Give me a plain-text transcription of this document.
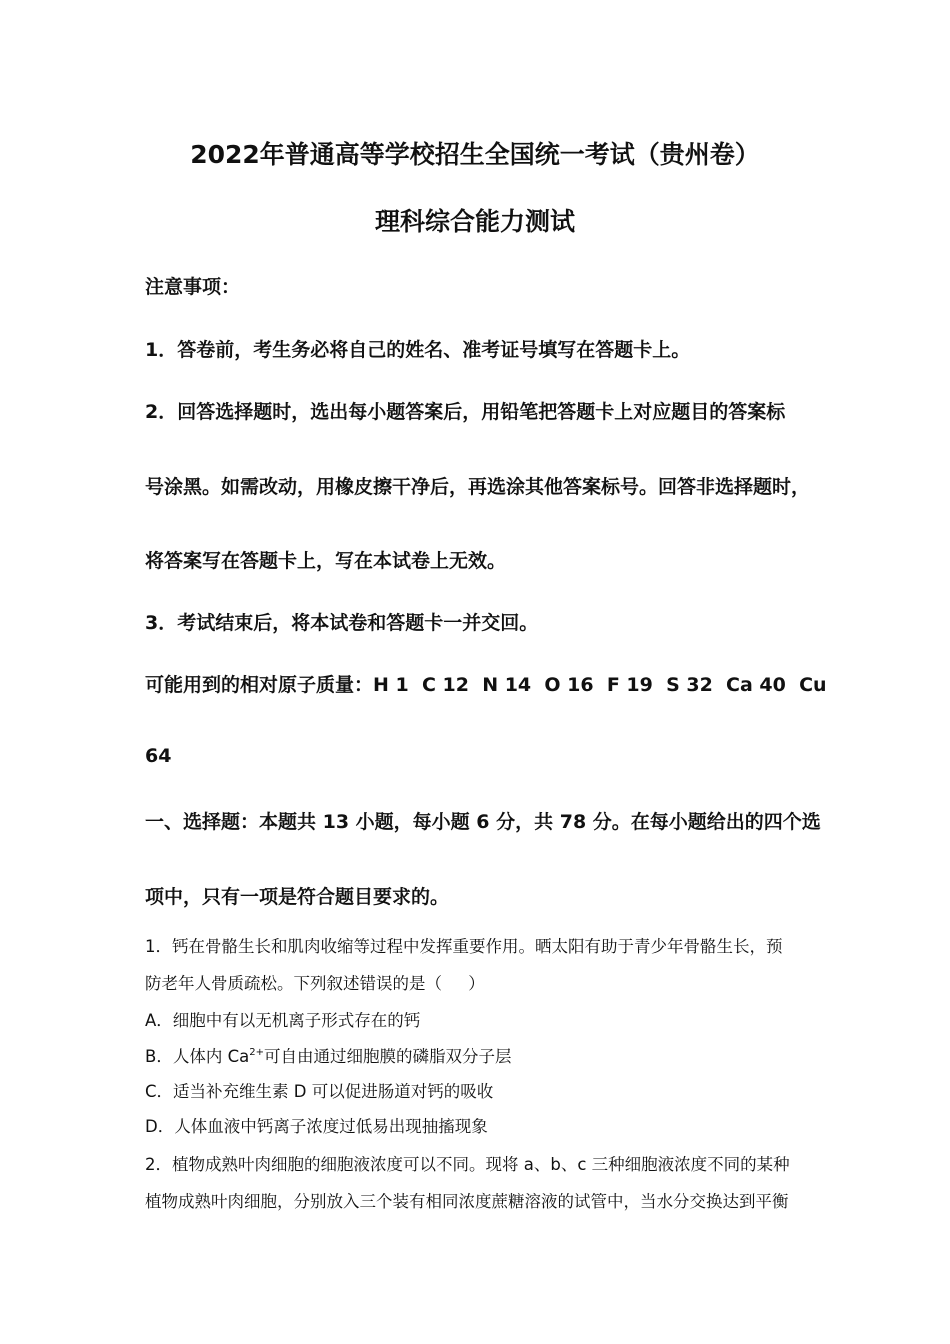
2022年普通高等学校招生全国统一考试（贵州卷）
理科综合能力测试
注意事项：
1．答卷前，考生务必将自己的姓名、准考证号填写在答题卡上。
2．回答选择题时，选出每小题答案后，用铅笔把答题卡上对应题目的答案标
号涂黑。如需改动，用橡皮擦干净后，再选涂其他答案标号。回答非选择题时，
将答案写在答题卡上，写在本试卷上无效。
3．考试结束后，将本试卷和答题卡一并交回。
可能用到的相对原子质量：H 1  C 12  N 14  O 16  F 19  S 32  Ca 40  Cu
64
一、选择题：本题共 13 小题，每小题 6 分，共 78 分。在每小题给出的四个选
项中，只有一项是符合题目要求的。
1．钙在骨骼生长和肌肉收缩等过程中发挥重要作用。晒太阳有助于青少年骨骼生长，预
防老年人骨质疏松。下列叙述错误的是（     ）
A．细胞中有以无机离子形式存在的钙
B．人体内 $Ca^{2+}$可自由通过细胞膜的磷脂双分子层
C．适当补充维生素 D 可以促进肠道对钙的吸收
D．人体血液中钙离子浓度过低易出现抽搐现象
2．植物成熟叶肉细胞的细胞液浓度可以不同。现将 a、b、c 三种细胞液浓度不同的某种
植物成熟叶肉细胞，分别放入三个装有相同浓度蔗糖溶液的试管中，当水分交换达到平衡
